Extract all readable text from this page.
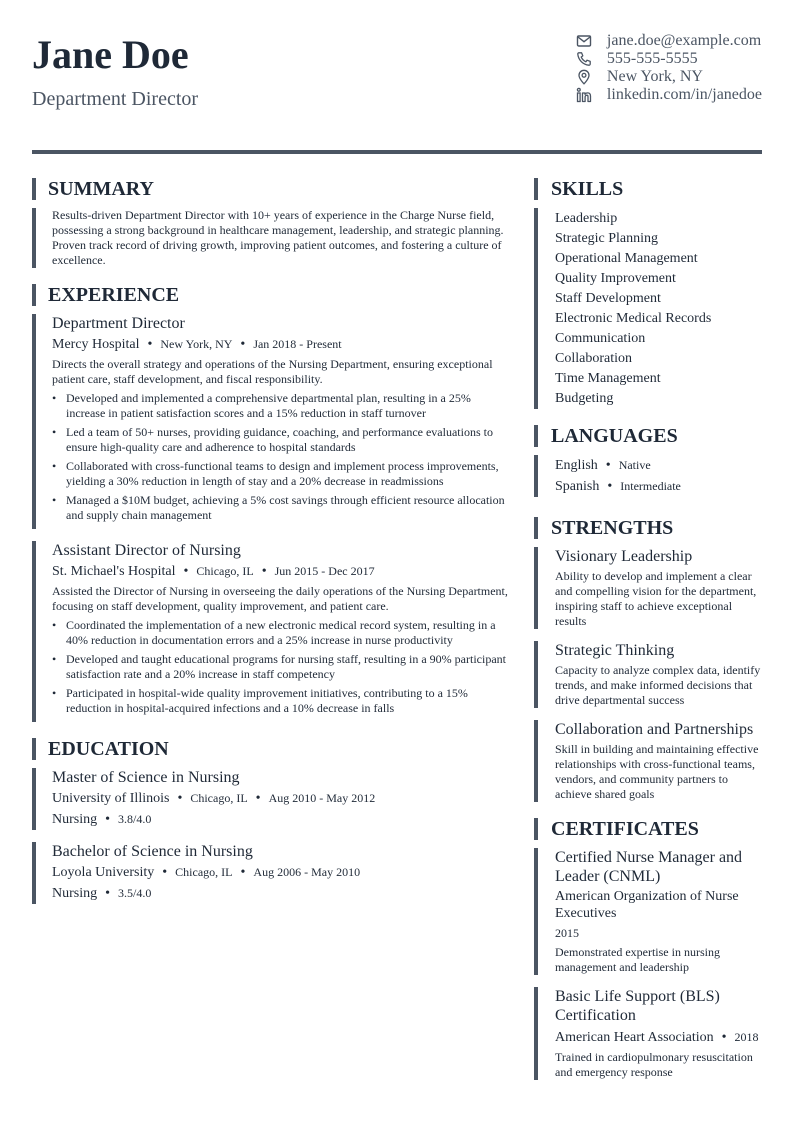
Jane Doe
Department Director
jane.doe@example.com
555-555-5555
New York, NY
linkedin.com/in/janedoe
SUMMARY
Results-driven Department Director with 10+ years of experience in the Charge Nurse field, possessing a strong background in healthcare management, leadership, and strategic planning. Proven track record of driving growth, improving patient outcomes, and fostering a culture of excellence.
EXPERIENCE
Department Director
Mercy Hospital • New York, NY • Jan 2018 - Present
Directs the overall strategy and operations of the Nursing Department, ensuring exceptional patient care, staff development, and fiscal responsibility.
• Developed and implemented a comprehensive departmental plan, resulting in a 25% increase in patient satisfaction scores and a 15% reduction in staff turnover
• Led a team of 50+ nurses, providing guidance, coaching, and performance evaluations to ensure high-quality care and adherence to hospital standards
• Collaborated with cross-functional teams to design and implement process improvements, yielding a 30% reduction in length of stay and a 20% decrease in readmissions
• Managed a $10M budget, achieving a 5% cost savings through efficient resource allocation and supply chain management
Assistant Director of Nursing
St. Michael's Hospital • Chicago, IL • Jun 2015 - Dec 2017
Assisted the Director of Nursing in overseeing the daily operations of the Nursing Department, focusing on staff development, quality improvement, and patient care.
• Coordinated the implementation of a new electronic medical record system, resulting in a 40% reduction in documentation errors and a 25% increase in nurse productivity
• Developed and taught educational programs for nursing staff, resulting in a 90% participant satisfaction rate and a 20% increase in staff competency
• Participated in hospital-wide quality improvement initiatives, contributing to a 15% reduction in hospital-acquired infections and a 10% decrease in falls
EDUCATION
Master of Science in Nursing
University of Illinois • Chicago, IL • Aug 2010 - May 2012
Nursing • 3.8/4.0
Bachelor of Science in Nursing
Loyola University • Chicago, IL • Aug 2006 - May 2010
Nursing • 3.5/4.0
SKILLS
Leadership
Strategic Planning
Operational Management
Quality Improvement
Staff Development
Electronic Medical Records
Communication
Collaboration
Time Management
Budgeting
LANGUAGES
English • Native
Spanish • Intermediate
STRENGTHS
Visionary Leadership
Ability to develop and implement a clear and compelling vision for the department, inspiring staff to achieve exceptional results
Strategic Thinking
Capacity to analyze complex data, identify trends, and make informed decisions that drive departmental success
Collaboration and Partnerships
Skill in building and maintaining effective relationships with cross-functional teams, vendors, and community partners to achieve shared goals
CERTIFICATES
Certified Nurse Manager and Leader (CNML)
American Organization of Nurse Executives
2015
Demonstrated expertise in nursing management and leadership
Basic Life Support (BLS) Certification
American Heart Association • 2018
Trained in cardiopulmonary resuscitation and emergency response
